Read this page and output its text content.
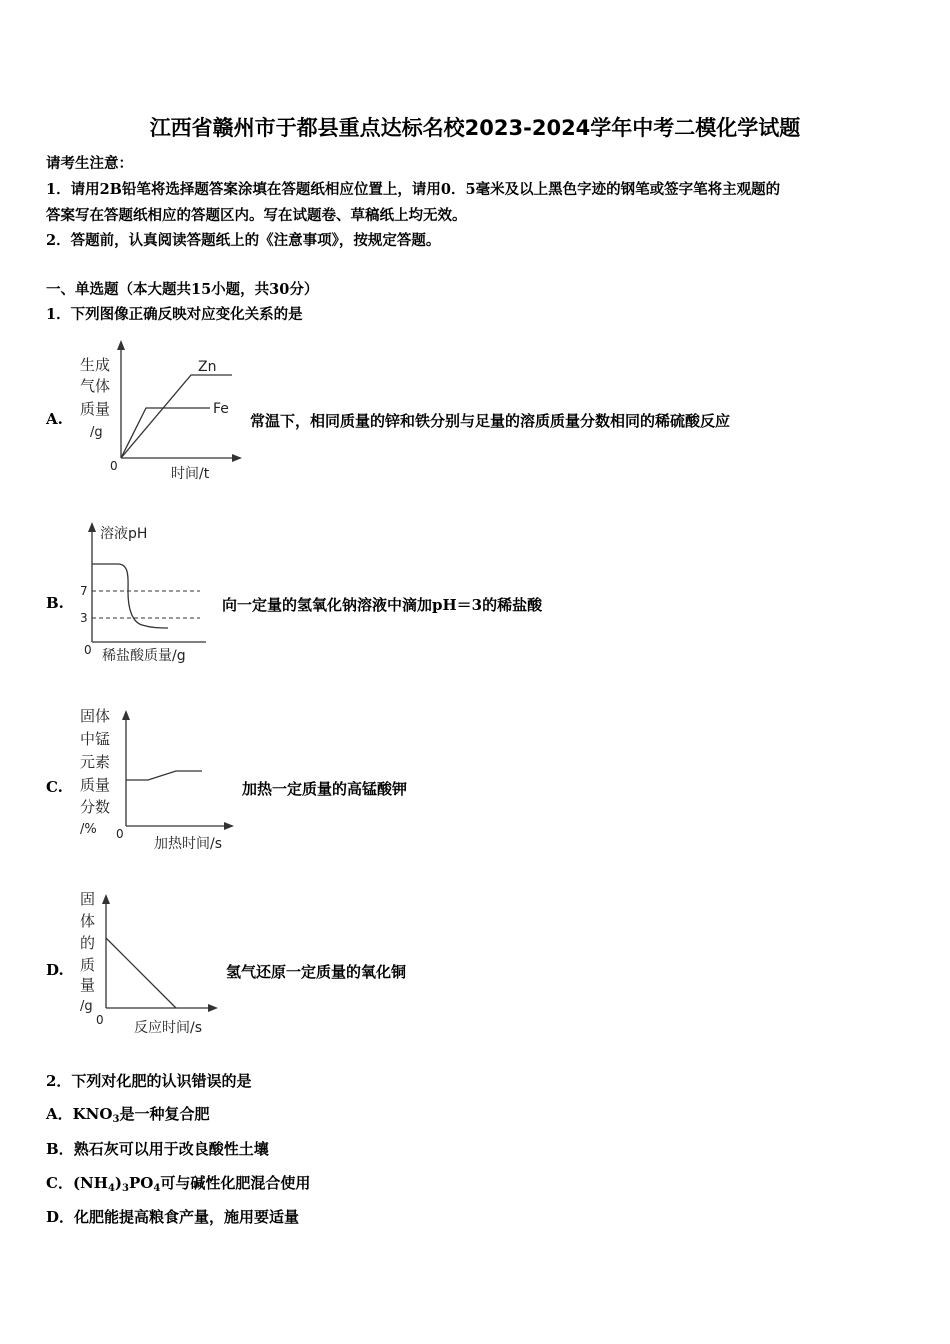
江西省赣州市于都县重点达标名校2023-2024学年中考二模化学试题
请考生注意：
1．请用2B铅笔将选择题答案涂填在答题纸相应位置上，请用0．5毫米及以上黑色字迹的钢笔或签字笔将主观题的
答案写在答题纸相应的答题区内。写在试题卷、草稿纸上均无效。
2．答题前，认真阅读答题纸上的《注意事项》，按规定答题。
一、单选题（本大题共15小题，共30分）
1．下列图像正确反映对应变化关系的是
A.
生成
气体
质量
/g
Zn
Fe
0	时间/t
常温下，相同质量的锌和铁分别与足量的溶质质量分数相同的稀硫酸反应
B.
溶液pH
7
3
0 稀盐酸质量/g
向一定量的氢氧化钠溶液中滴加pH＝3的稀盐酸
C.
固体
中锰
元素
质量
分数
/% 0
加热时间/s
加热一定质量的高锰酸钾
D.
固
体
的
质
量
/g
0 反应时间/s
氢气还原一定质量的氧化铜
2．下列对化肥的认识错误的是
A．$KNO_3$是一种复合肥
B．熟石灰可以用于改良酸性土壤
C．$(NH_4)_3PO_4$可与碱性化肥混合使用
D．化肥能提高粮食产量，施用要适量
